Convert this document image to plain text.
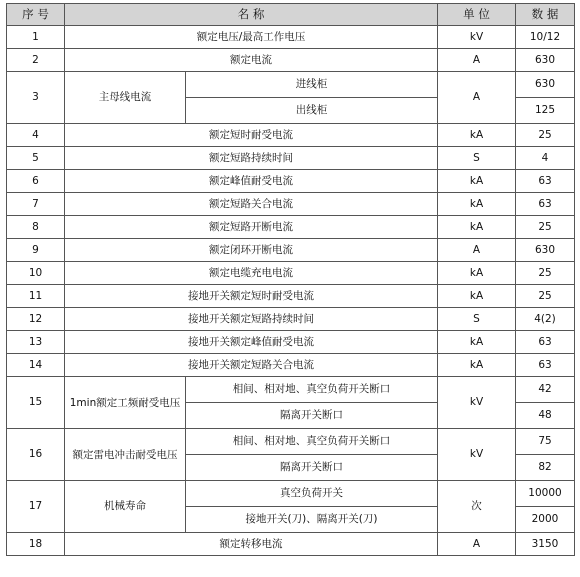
序 号	名 称		单 位	数 据
1	额定电压/最高工作电压		kV	10/12
2	额定电流		A	630
3	主母线电流	进线柜	A	630
		出线柜		125
4	额定短时耐受电流		kA	25
5	额定短路持续时间		S	4
6	额定峰值耐受电流		kA	63
7	额定短路关合电流		kA	63
8	额定短路开断电流		kA	25
9	额定闭环开断电流		A	630
10	额定电缆充电电流		kA	25
11	接地开关额定短时耐受电流		kA	25
12	接地开关额定短路持续时间		S	4(2)
13	接地开关额定峰值耐受电流		kA	63
14	接地开关额定短路关合电流		kA	63
15	1min额定工频耐受电压	相间、相对地、真空负荷开关断口	kV	42
		隔离开关断口		48
16	额定雷电冲击耐受电压	相间、相对地、真空负荷开关断口	kV	75
		隔离开关断口		82
17	机械寿命	真空负荷开关	次	10000
		接地开关(刀)、隔离开关(刀)		2000
18	额定转移电流		A	3150
